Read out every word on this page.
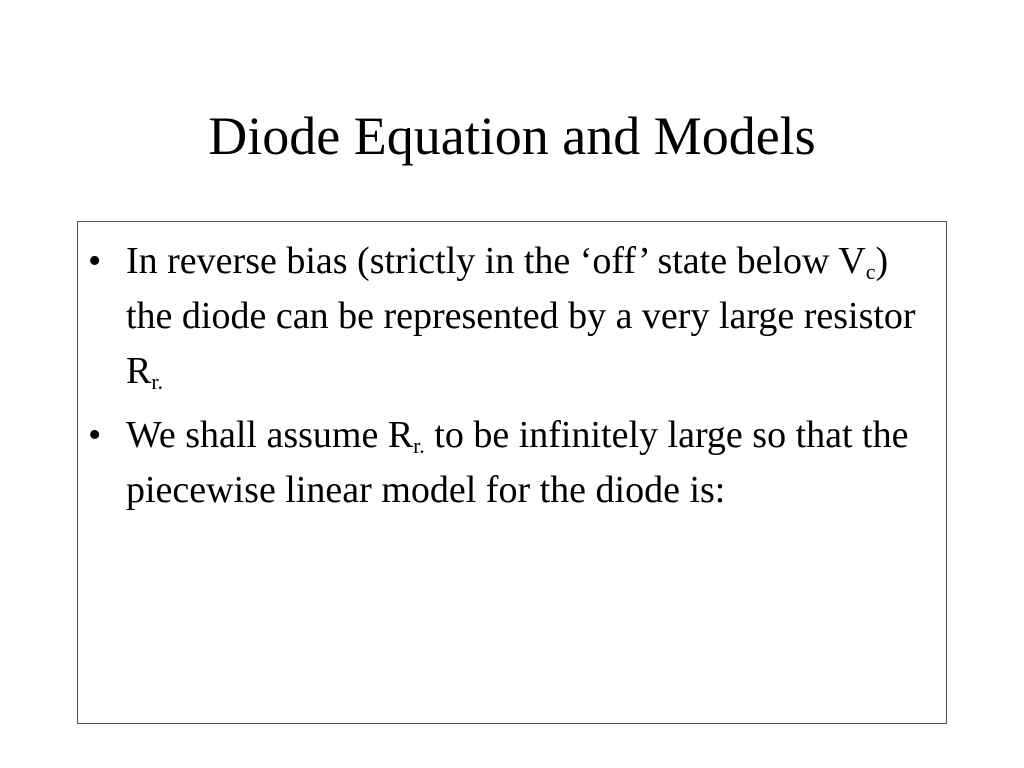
Diode Equation and Models
• In reverse bias (strictly in the ‘off’ state below $V_c$) the diode can be represented by a very large resistor $R_{r.}$
• We shall assume $R_{r.}$ to be infinitely large so that the piecewise linear model for the diode is:
